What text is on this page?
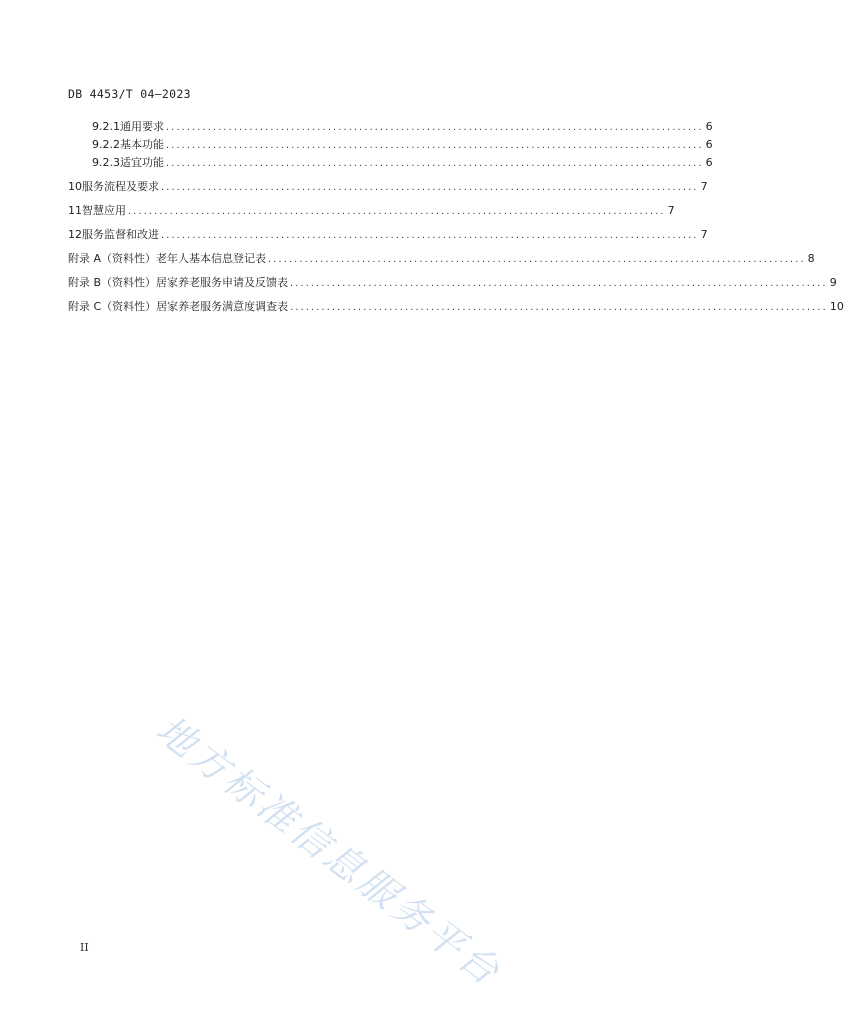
DB 4453/T 04—2023
9.2.1 通用要求 ....................................................................................................... 6
9.2.2 基本功能 ....................................................................................................... 6
9.2.3 适宜功能 ....................................................................................................... 6
10 服务流程及要求 ....................................................................................................... 7
11 智慧应用 ....................................................................................................... 7
12 服务监督和改进 ....................................................................................................... 7
附录 A（资料性） 老年人基本信息登记表 ....................................................................................................... 8
附录 B（资料性） 居家养老服务申请及反馈表 ....................................................................................................... 9
附录 C（资料性） 居家养老服务满意度调查表 ....................................................................................................... 10
地方标准信息服务平台
II
